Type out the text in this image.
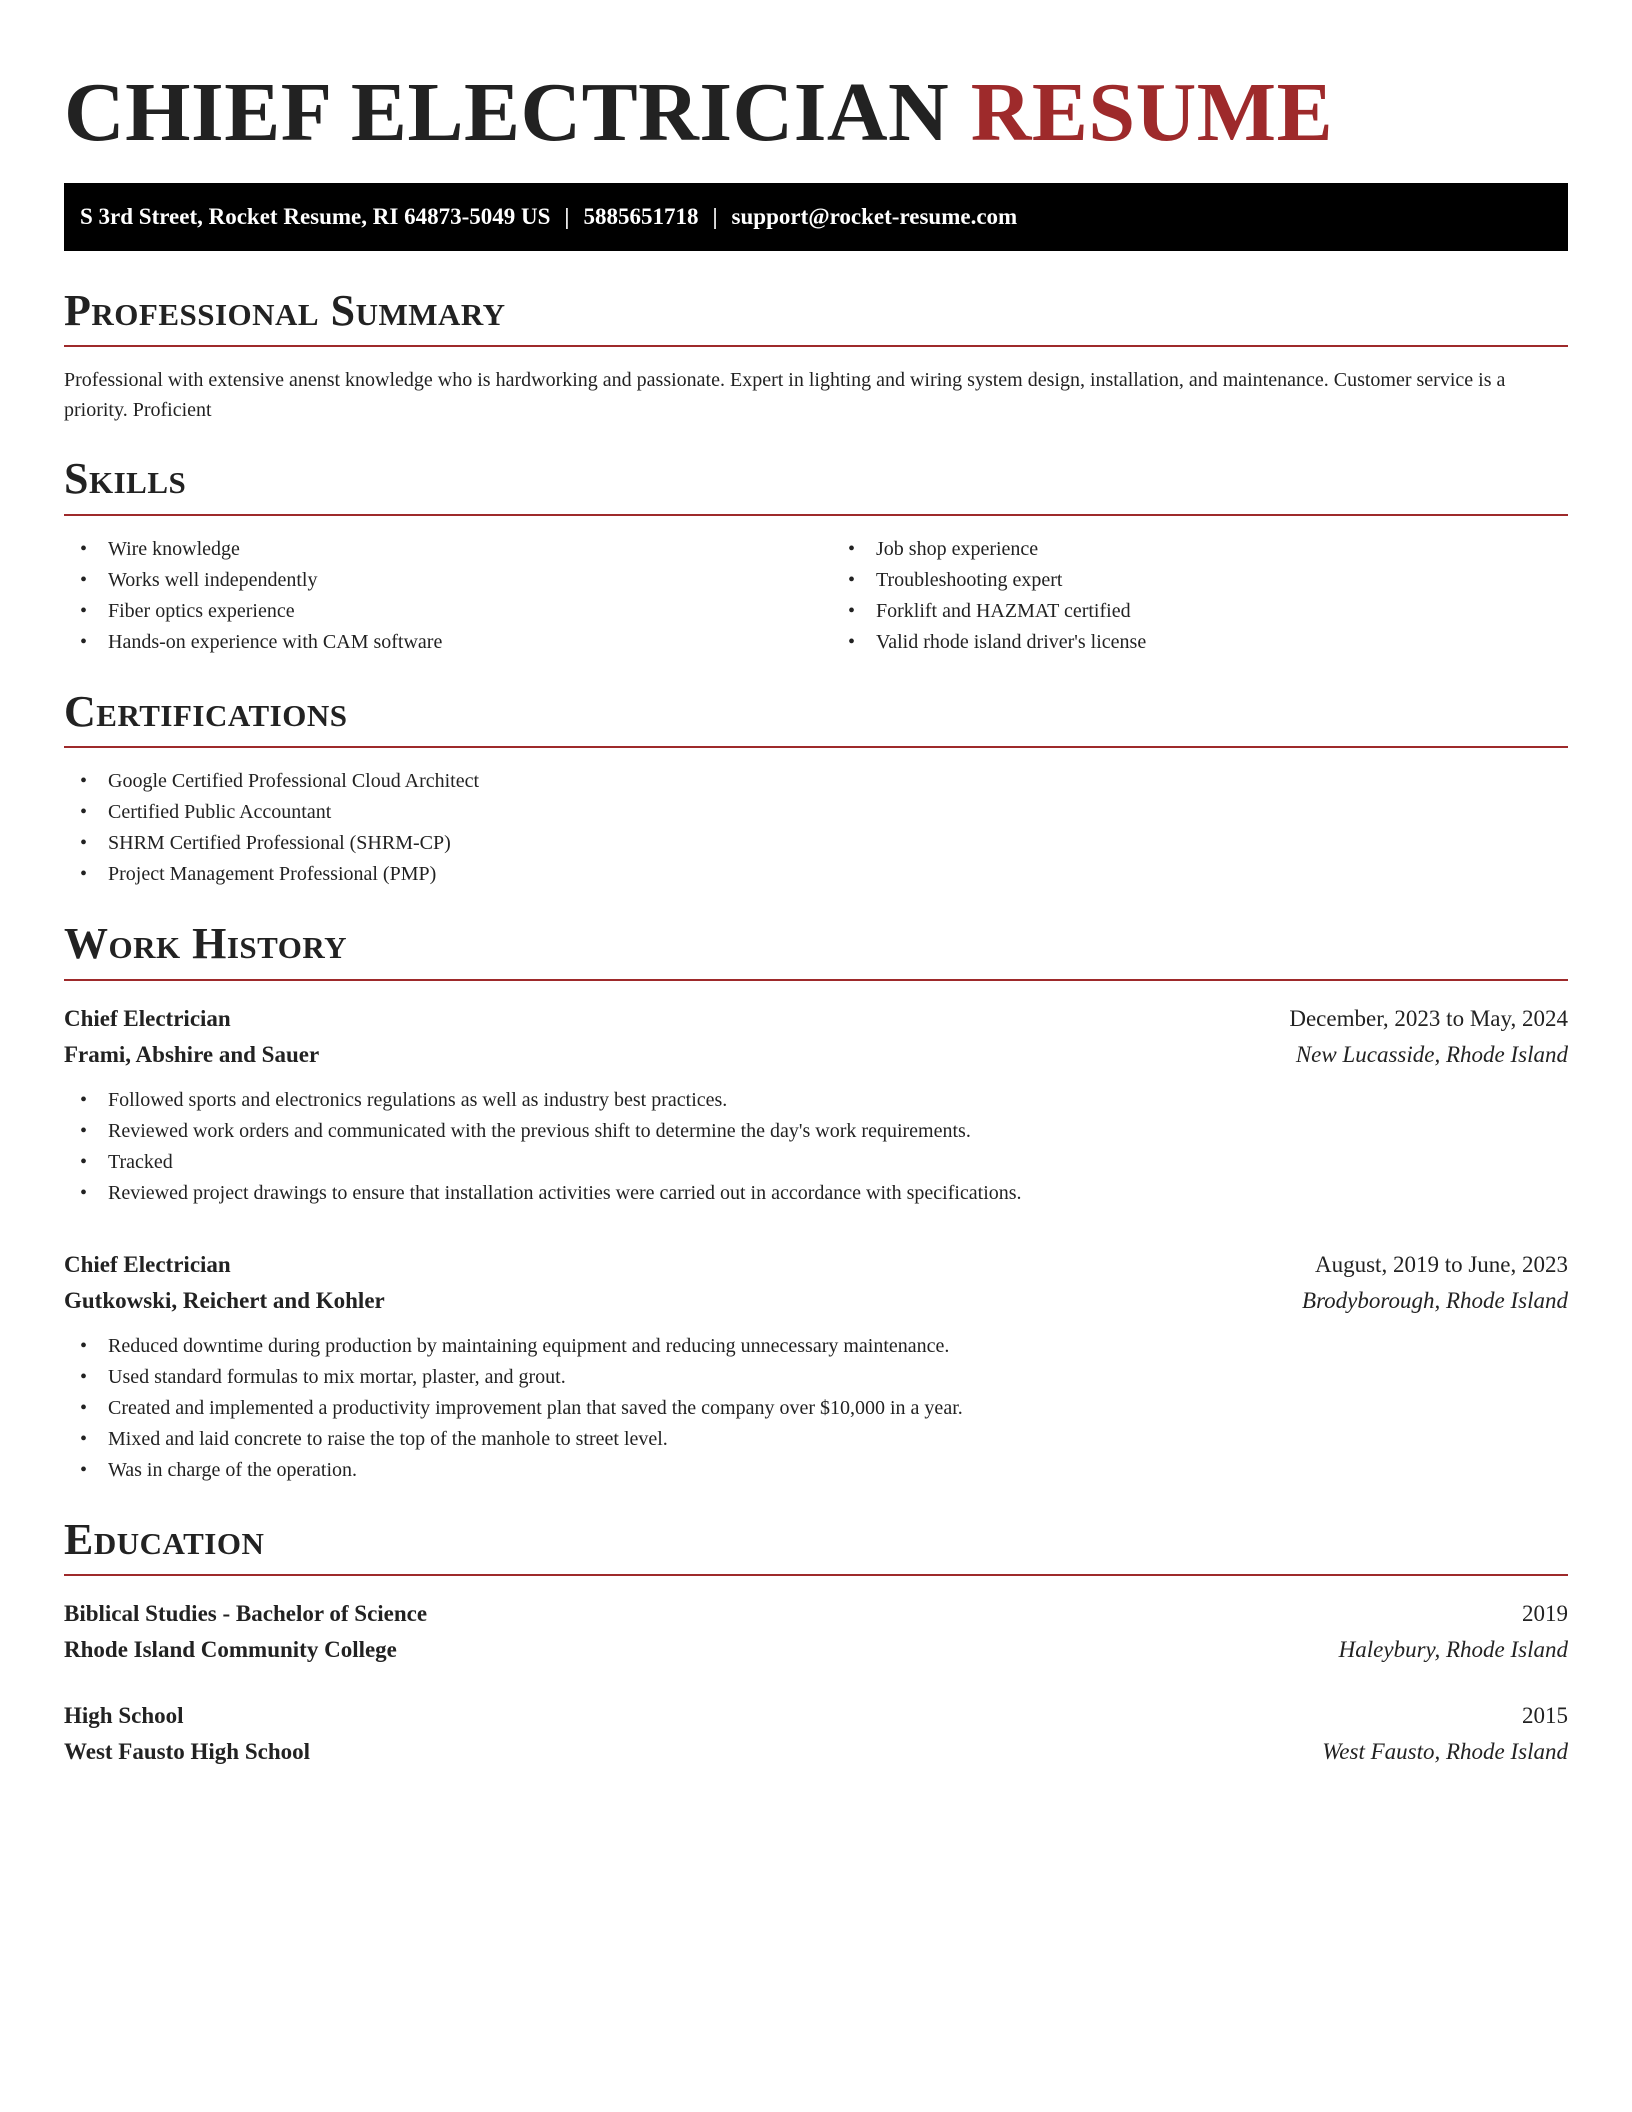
CHIEF ELECTRICIAN RESUME
S 3rd Street, Rocket Resume, RI 64873-5049 US | 5885651718 | support@rocket-resume.com
Professional Summary

Professional with extensive anenst knowledge who is hardworking and passionate. Expert in lighting and wiring system design, installation, and maintenance. Customer service is a priority. Proficient

Skills
• Wire knowledge
• Works well independently
• Fiber optics experience
• Hands-on experience with CAM software
• Job shop experience
• Troubleshooting expert
• Forklift and HAZMAT certified
• Valid rhode island driver's license
Certifications
• Google Certified Professional Cloud Architect
• Certified Public Accountant
• SHRM Certified Professional (SHRM-CP)
• Project Management Professional (PMP)
Work History
Chief Electrician	December, 2023 to May, 2024
Frami, Abshire and Sauer	New Lucasside, Rhode Island
• Followed sports and electronics regulations as well as industry best practices.
• Reviewed work orders and communicated with the previous shift to determine the day's work requirements.
• Tracked
• Reviewed project drawings to ensure that installation activities were carried out in accordance with specifications.
Chief Electrician	August, 2019 to June, 2023
Gutkowski, Reichert and Kohler	Brodyborough, Rhode Island
• Reduced downtime during production by maintaining equipment and reducing unnecessary maintenance.
• Used standard formulas to mix mortar, plaster, and grout.
• Created and implemented a productivity improvement plan that saved the company over $10,000 in a year.
• Mixed and laid concrete to raise the top of the manhole to street level.
• Was in charge of the operation.
Education
Biblical Studies - Bachelor of Science	2019
Rhode Island Community College	Haleybury, Rhode Island
High School	2015
West Fausto High School	West Fausto, Rhode Island
